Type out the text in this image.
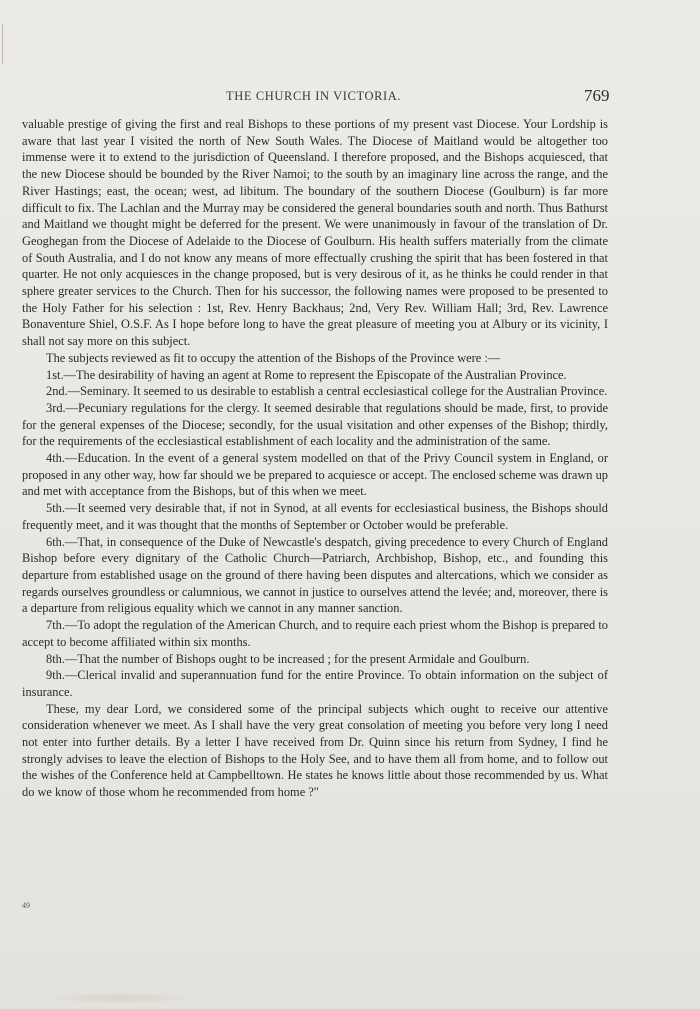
THE CHURCH IN VICTORIA.	769

valuable prestige of giving the first and real Bishops to these portions of my present vast Diocese. Your Lordship is aware that last year I visited the north of New South Wales. The Diocese of Maitland would be altogether too immense were it to extend to the jurisdiction of Queensland. I therefore proposed, and the Bishops acquiesced, that the new Diocese should be bounded by the River Namoi; to the south by an imaginary line across the range, and the River Hastings; east, the ocean; west, ad libitum. The boundary of the southern Diocese (Goulburn) is far more difficult to fix. The Lachlan and the Murray may be considered the general boundaries south and north. Thus Bathurst and Maitland we thought might be deferred for the present. We were unanimously in favour of the translation of Dr. Geoghegan from the Diocese of Adelaide to the Diocese of Goulburn. His health suffers materially from the climate of South Australia, and I do not know any means of more effectually crushing the spirit that has been fostered in that quarter. He not only acquiesces in the change proposed, but is very desirous of it, as he thinks he could render in that sphere greater services to the Church. Then for his successor, the following names were proposed to be presented to the Holy Father for his selection : 1st, Rev. Henry Backhaus; 2nd, Very Rev. William Hall; 3rd, Rev. Lawrence Bonaventure Shiel, O.S.F. As I hope before long to have the great pleasure of meeting you at Albury or its vicinity, I shall not say more on this subject.

The subjects reviewed as fit to occupy the attention of the Bishops of the Province were :—

1st.—The desirability of having an agent at Rome to represent the Episcopate of the Australian Province.

2nd.—Seminary. It seemed to us desirable to establish a central ecclesiastical college for the Australian Province.

3rd.—Pecuniary regulations for the clergy. It seemed desirable that regulations should be made, first, to provide for the general expenses of the Diocese; secondly, for the usual visitation and other expenses of the Bishop; thirdly, for the requirements of the ecclesiastical establishment of each locality and the administration of the same.

4th.—Education. In the event of a general system modelled on that of the Privy Council system in England, or proposed in any other way, how far should we be prepared to acquiesce or accept. The enclosed scheme was drawn up and met with acceptance from the Bishops, but of this when we meet.

5th.—It seemed very desirable that, if not in Synod, at all events for ecclesiastical business, the Bishops should frequently meet, and it was thought that the months of September or October would be preferable.

6th.—That, in consequence of the Duke of Newcastle's despatch, giving precedence to every Church of England Bishop before every dignitary of the Catholic Church—Patriarch, Archbishop, Bishop, etc., and founding this departure from established usage on the ground of there having been disputes and altercations, which we consider as regards ourselves groundless or calumnious, we cannot in justice to ourselves attend the levée; and, moreover, there is a departure from religious equality which we cannot in any manner sanction.

7th.—To adopt the regulation of the American Church, and to require each priest whom the Bishop is prepared to accept to become affiliated within six months.

8th.—That the number of Bishops ought to be increased ; for the present Armidale and Goulburn.

9th.—Clerical invalid and superannuation fund for the entire Province. To obtain information on the subject of insurance.

These, my dear Lord, we considered some of the principal subjects which ought to receive our attentive consideration whenever we meet. As I shall have the very great consolation of meeting you before very long I need not enter into further details. By a letter I have received from Dr. Quinn since his return from Sydney, I find he strongly advises to leave the election of Bishops to the Holy See, and to have them all from home, and to follow out the wishes of the Conference held at Campbelltown. He states he knows little about those recommended by us. What do we know of those whom he recommended from home ?"

49
